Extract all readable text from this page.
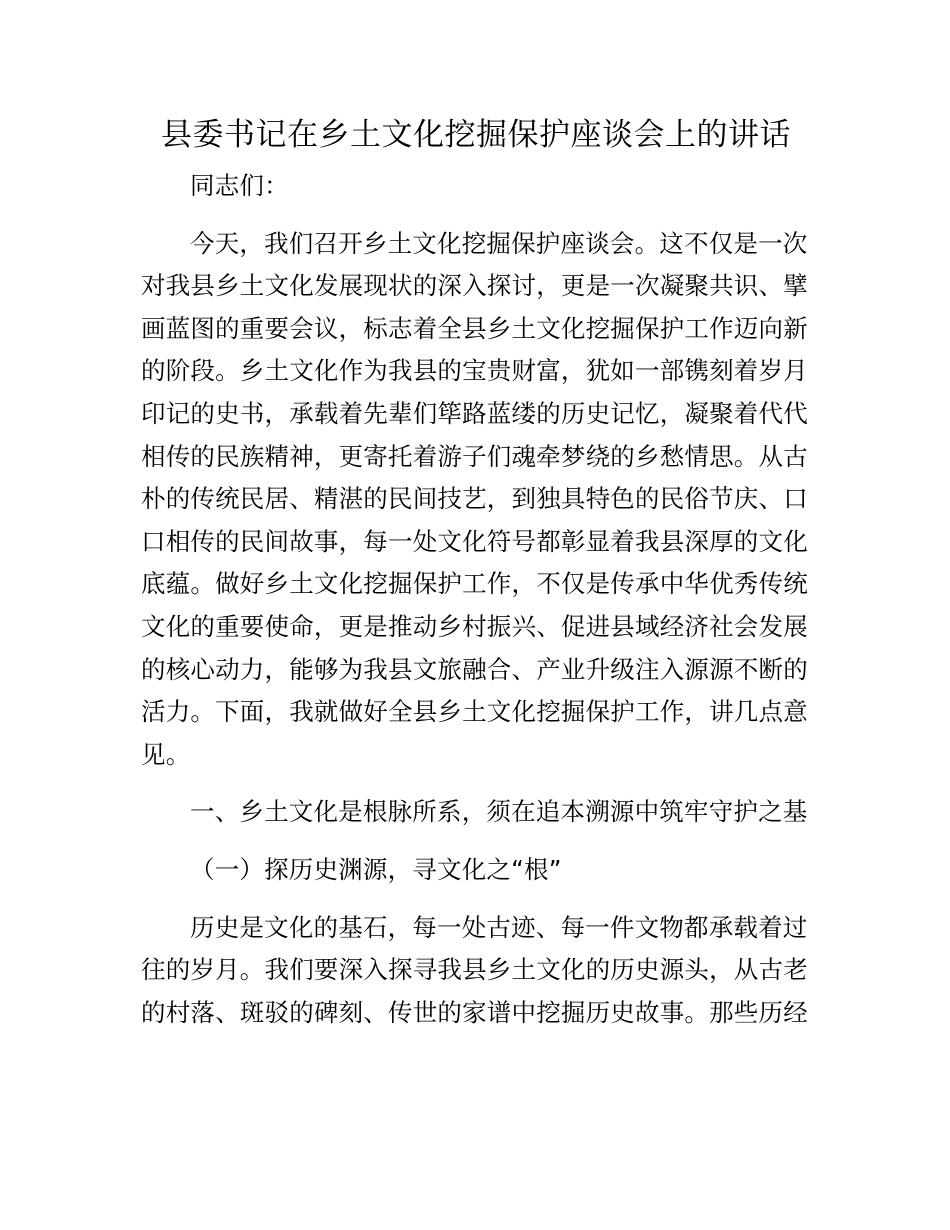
县委书记在乡土文化挖掘保护座谈会上的讲话
同志们：
今天，我们召开乡土文化挖掘保护座谈会。这不仅是一次
对我县乡土文化发展现状的深入探讨，更是一次凝聚共识、擘
画蓝图的重要会议，标志着全县乡土文化挖掘保护工作迈向新
的阶段。乡土文化作为我县的宝贵财富，犹如一部镌刻着岁月
印记的史书，承载着先辈们筚路蓝缕的历史记忆，凝聚着代代
相传的民族精神，更寄托着游子们魂牵梦绕的乡愁情思。从古
朴的传统民居、精湛的民间技艺，到独具特色的民俗节庆、口
口相传的民间故事，每一处文化符号都彰显着我县深厚的文化
底蕴。做好乡土文化挖掘保护工作，不仅是传承中华优秀传统
文化的重要使命，更是推动乡村振兴、促进县域经济社会发展
的核心动力，能够为我县文旅融合、产业升级注入源源不断的
活力。下面，我就做好全县乡土文化挖掘保护工作，讲几点意
见。
一、乡土文化是根脉所系，须在追本溯源中筑牢守护之基
（一）探历史渊源，寻文化之“根”
历史是文化的基石，每一处古迹、每一件文物都承载着过
往的岁月。我们要深入探寻我县乡土文化的历史源头，从古老
的村落、斑驳的碑刻、传世的家谱中挖掘历史故事。那些历经
